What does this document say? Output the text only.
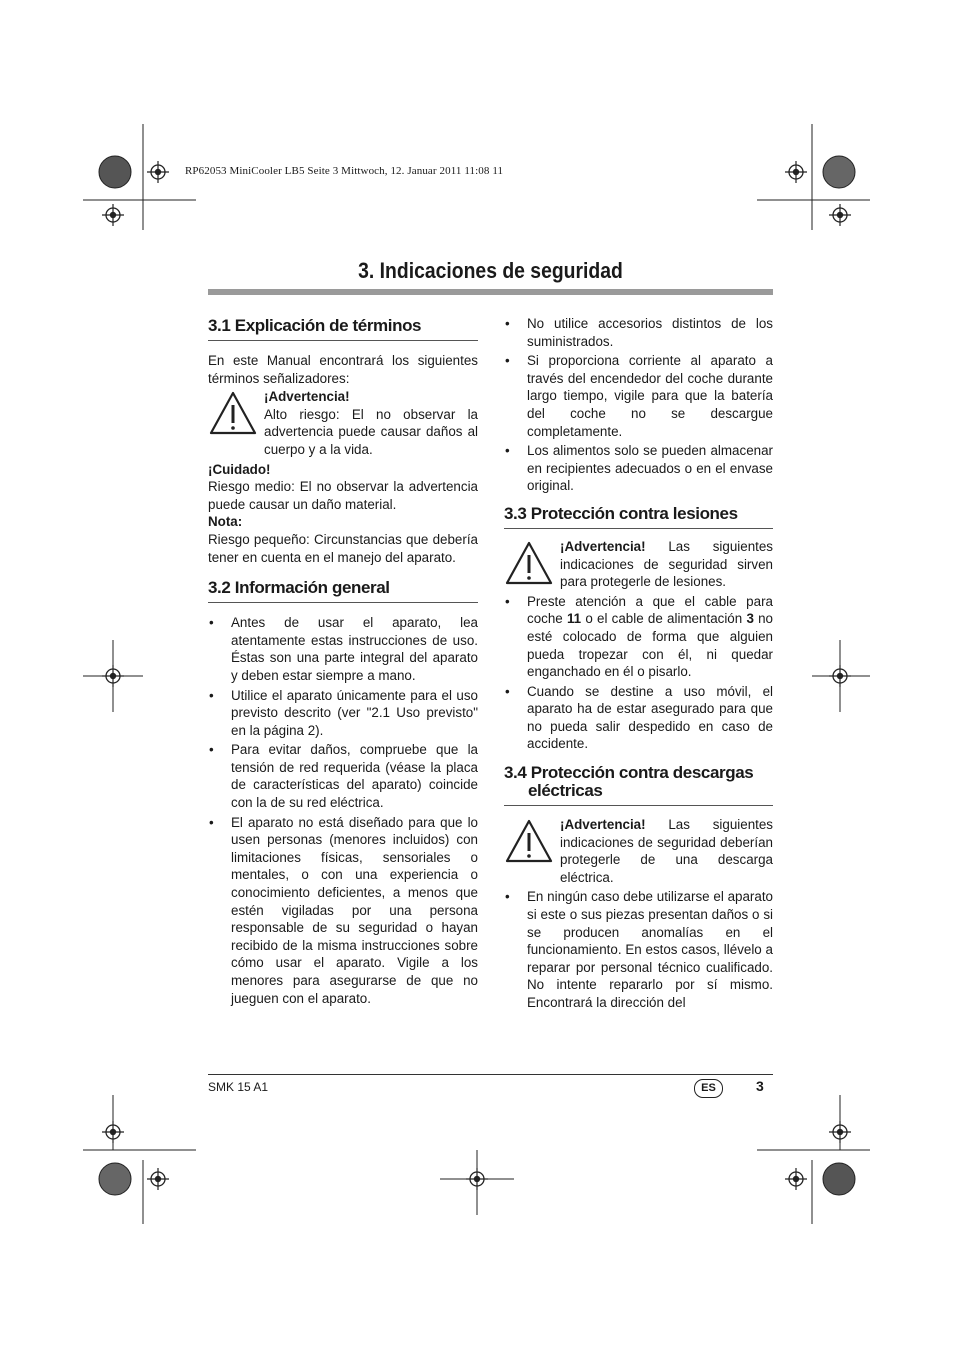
RP62053 MiniCooler LB5 Seite 3 Mittwoch, 12. Januar 2011 11:08 11
3. Indicaciones de seguridad
3.1 Explicación de términos

En este Manual encontrará los siguientes términos señalizadores:

¡Advertencia!
Alto riesgo: El no observar la advertencia puede causar daños al cuerpo y a la vida.

¡Cuidado!

Riesgo medio: El no observar la advertencia puede causar un daño material.

Nota:

Riesgo pequeño: Circunstancias que debería tener en cuenta en el manejo del aparato.

3.2 Información general
• Antes de usar el aparato, lea atentamente estas instrucciones de uso. Éstas son una parte integral del aparato y deben estar siempre a mano.
• Utilice el aparato únicamente para el uso previsto descrito (ver "2.1 Uso previsto" en la página 2).
• Para evitar daños, compruebe que la tensión de red requerida (véase la placa de características del aparato) coincide con la de su red eléctrica.
• El aparato no está diseñado para que lo usen personas (menores incluidos) con limitaciones físicas, sensoriales o mentales, o con una experiencia o conocimiento deficientes, a menos que estén vigiladas por una persona responsable de su seguridad o hayan recibido de la misma instrucciones sobre cómo usar el aparato. Vigile a los menores para asegurarse de que no jueguen con el aparato.
• No utilice accesorios distintos de los suministrados.
• Si proporciona corriente al aparato a través del encendedor del coche durante largo tiempo, vigile para que la batería del coche no se descargue completamente.
• Los alimentos solo se pueden almacenar en recipientes adecuados o en el envase original.
3.3 Protección contra lesiones
¡Advertencia! Las siguientes indicaciones de seguridad sirven para protegerle de lesiones.
• Preste atención a que el cable para coche 11 o el cable de alimentación 3 no esté colocado de forma que alguien pueda tropezar con él, ni quedar enganchado en él o pisarlo.
• Cuando se destine a uso móvil, el aparato ha de estar asegurado para que no pueda salir despedido en caso de accidente.
3.4 Protección contra descargas
eléctricas
¡Advertencia! Las siguientes indicaciones de seguridad deberían protegerle de una descarga eléctrica.
• En ningún caso debe utilizarse el aparato si este o sus piezas presentan daños o si se producen anomalías en el funcionamiento. En estos casos, llévelo a reparar por personal técnico cualificado. No intente repararlo por sí mismo. Encontrará la dirección del
SMK 15 A1	ES	3
